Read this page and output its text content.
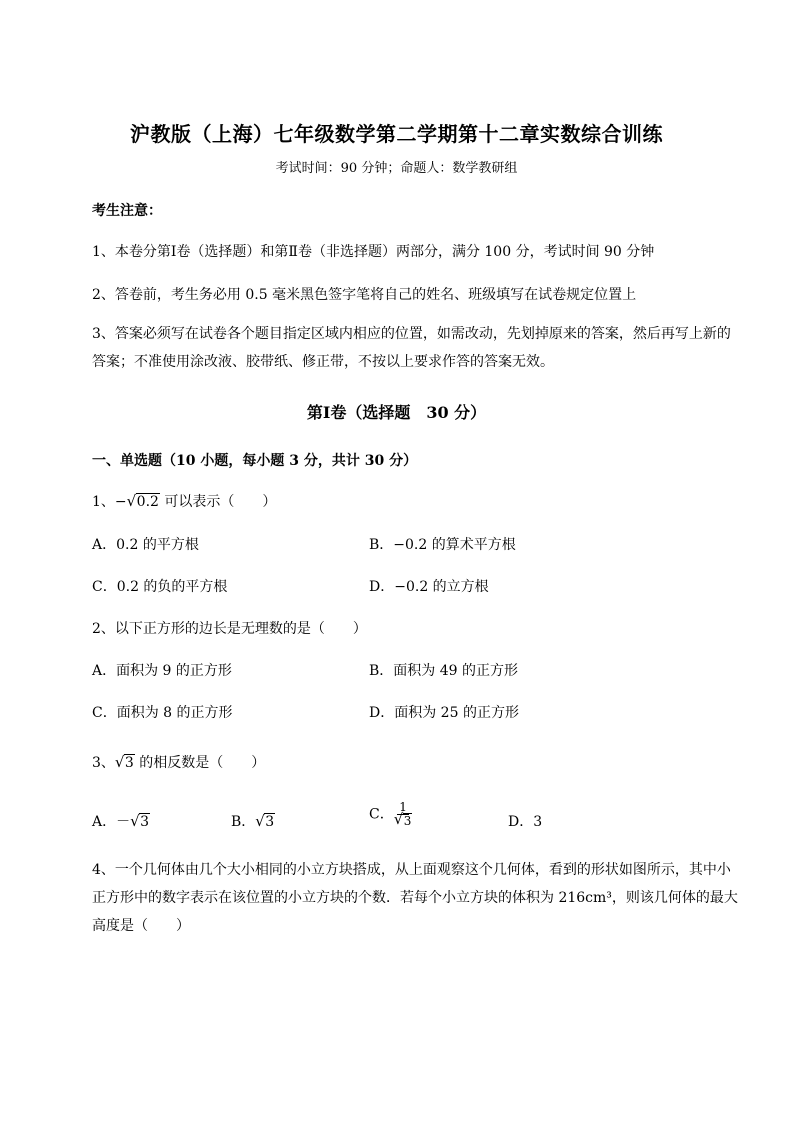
沪教版（上海）七年级数学第二学期第十二章实数综合训练
考试时间：90 分钟；命题人：数学教研组
考生注意：
1、本卷分第Ⅰ卷（选择题）和第Ⅱ卷（非选择题）两部分，满分 100 分，考试时间 90 分钟
2、答卷前，考生务必用 0.5 毫米黑色签字笔将自己的姓名、班级填写在试卷规定位置上
3、答案必须写在试卷各个题目指定区域内相应的位置，如需改动，先划掉原来的答案，然后再写上新的答案；不准使用涂改液、胶带纸、修正带，不按以上要求作答的答案无效。
第Ⅰ卷（选择题　30 分）
一、单选题（10 小题，每小题 3 分，共计 30 分）
1、− √ 0.2 可以表示（　　）
A．0.2 的平方根	B．−0.2 的算术平方根
C．0.2 的负的平方根	D．−0.2 的立方根
2、以下正方形的边长是无理数的是（　　）
A．面积为 9 的正方形	B．面积为 49 的正方形
C．面积为 8 的正方形	D．面积为 25 的正方形
3、 √ 3 的相反数是（　　）
A．－ √ 3	B． √ 3	C． 1
√ 3	D．3
4、一个几何体由几个大小相同的小立方块搭成，从上面观察这个几何体，看到的形状如图所示，其中小正方形中的数字表示在该位置的小立方块的个数．若每个小立方块的体积为 216cm³，则该几何体的最大高度是（　　）
